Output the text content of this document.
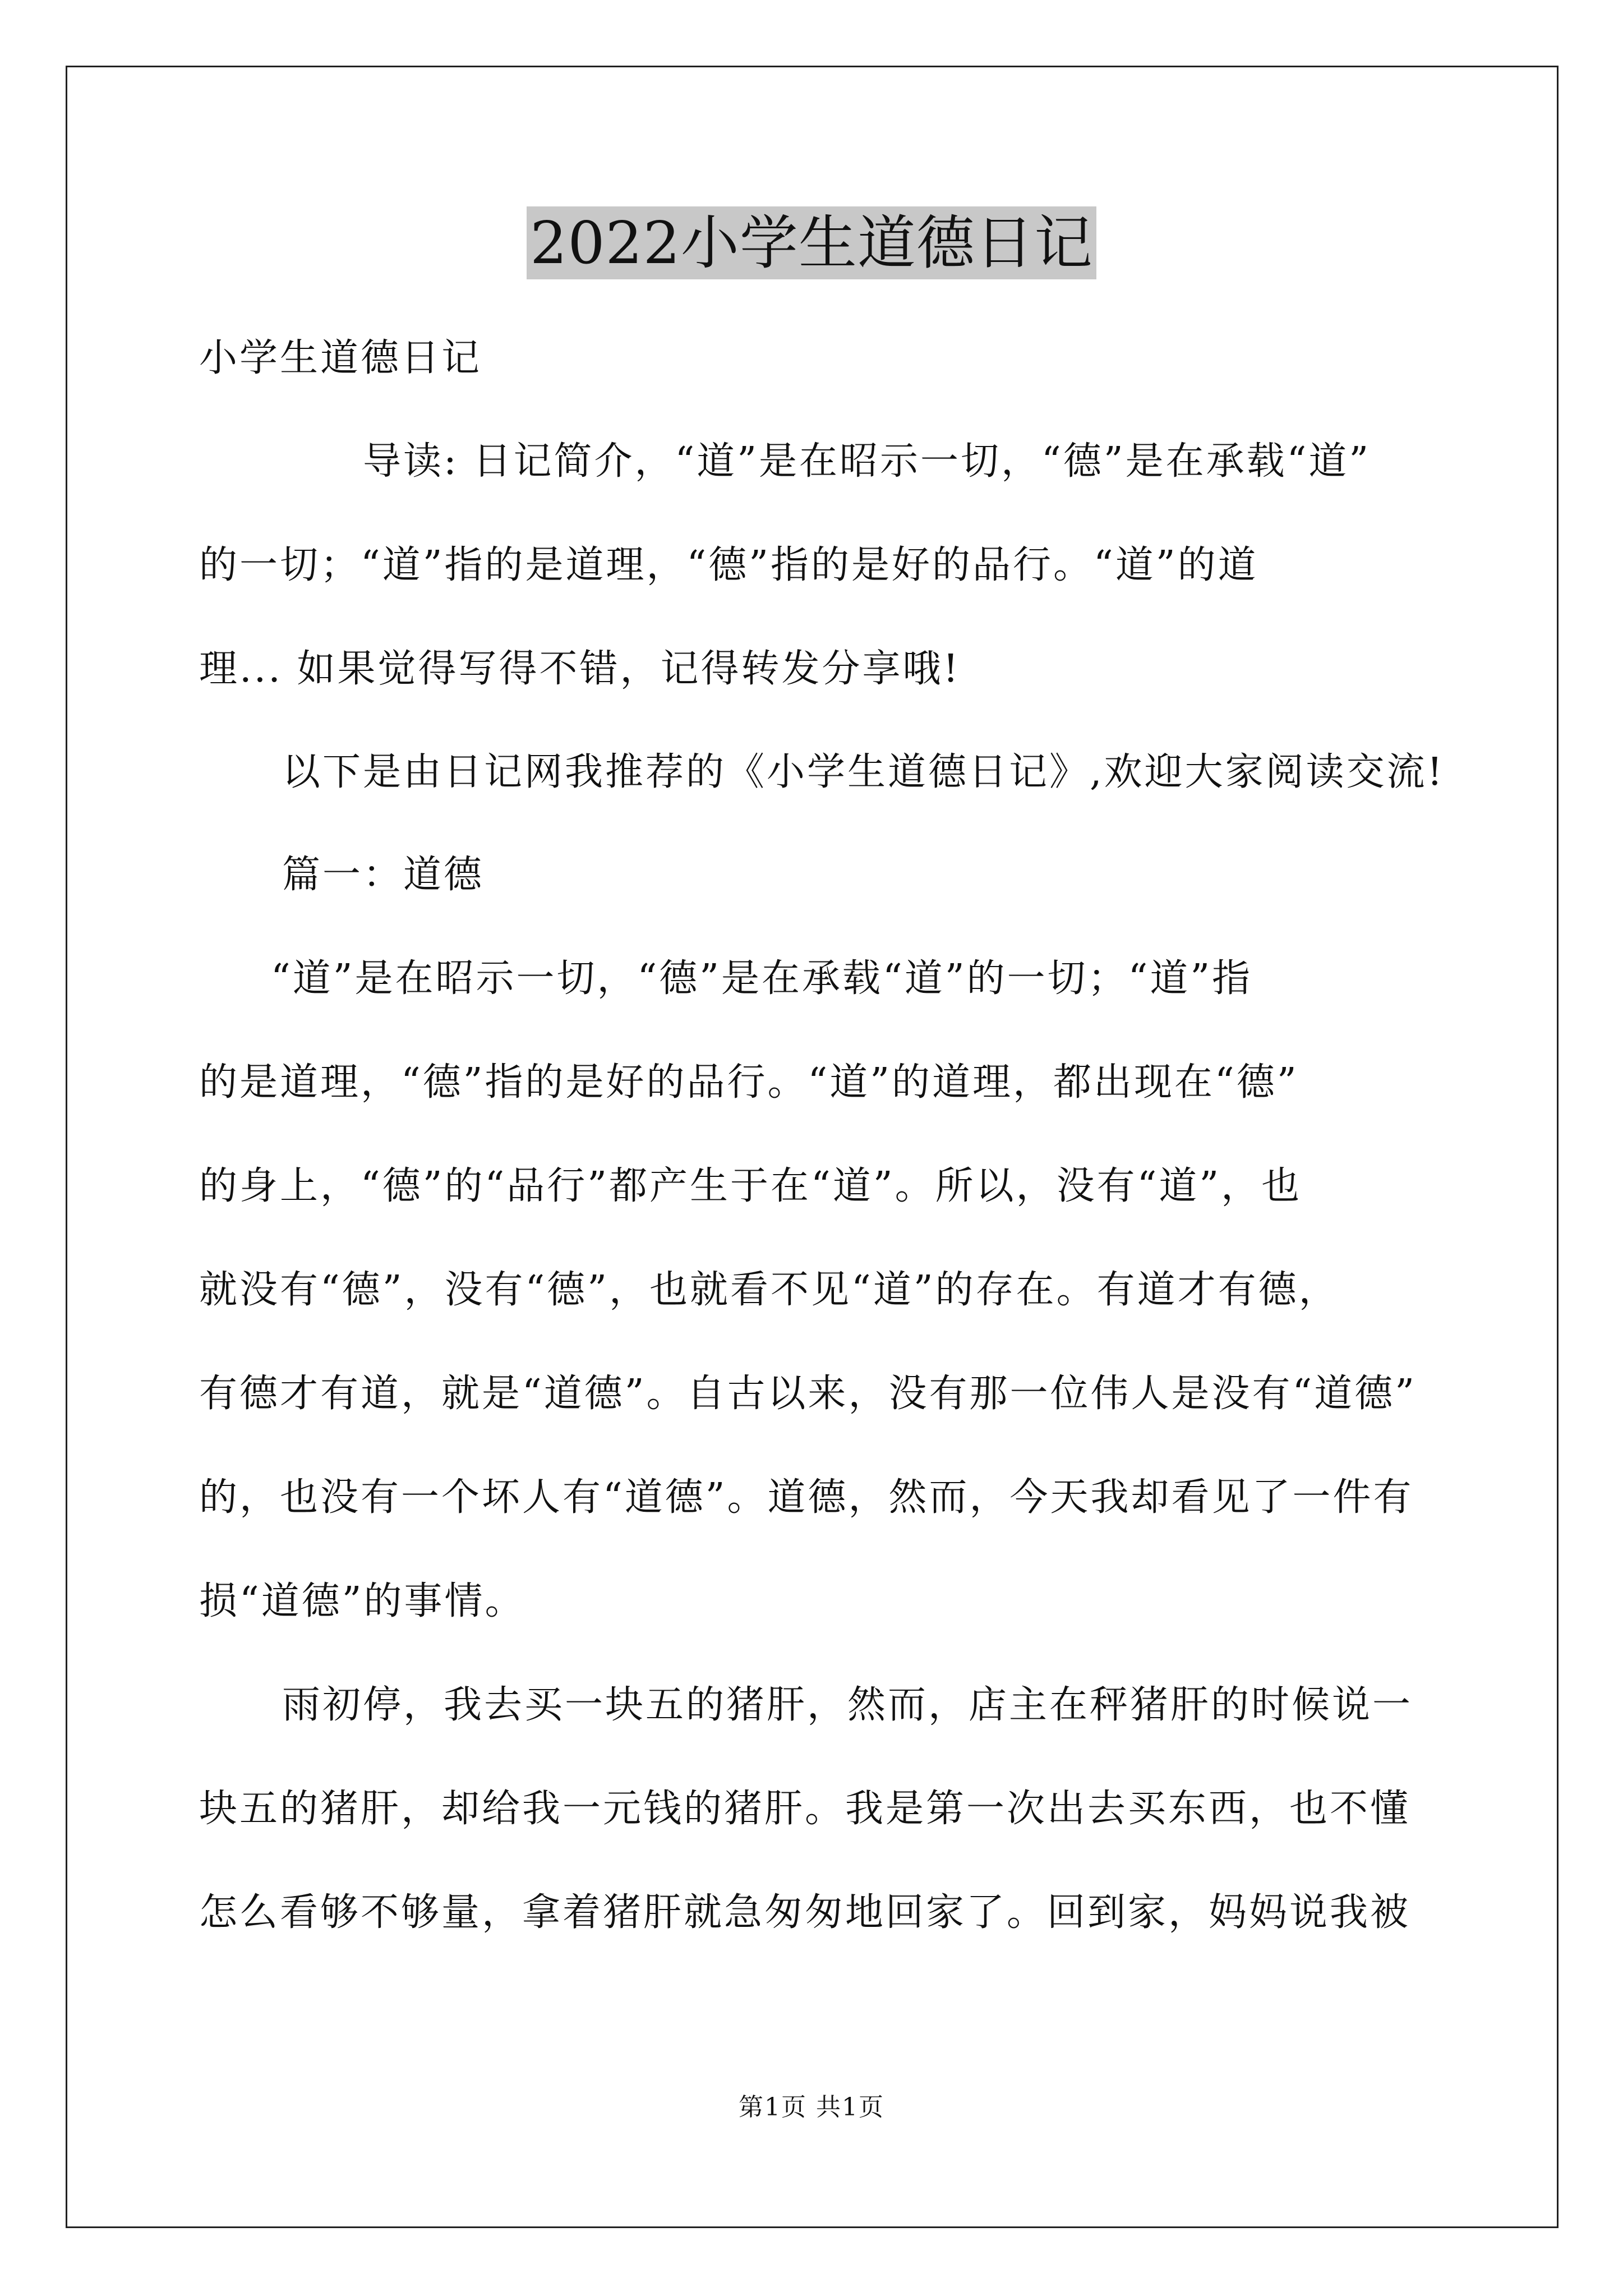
2022小学生道德日记
小学生道德日记
导读: 日记简介，“道”是在昭示一切，“德”是在承载“道”
的一切；“道”指的是道理，“德”指的是好的品行。“道”的道
理... 如果觉得写得不错，记得转发分享哦!
以下是由日记网我推荐的《小学生道德日记》,欢迎大家阅读交流!
篇一：道德
“道”是在昭示一切，“德”是在承载“道”的一切；“道”指
的是道理，“德”指的是好的品行。“道”的道理，都出现在“德”
的身上，“德”的“品行”都产生于在“道”。所以，没有“道”，也
就没有“德”，没有“德”，也就看不见“道”的存在。有道才有德，
有德才有道，就是“道德”。自古以来，没有那一位伟人是没有“道德”
的，也没有一个坏人有“道德”。道德，然而，今天我却看见了一件有
损“道德”的事情。
雨初停，我去买一块五的猪肝，然而，店主在秤猪肝的时候说一
块五的猪肝，却给我一元钱的猪肝。我是第一次出去买东西，也不懂
怎么看够不够量，拿着猪肝就急匆匆地回家了。回到家，妈妈说我被
第1页 共1页
